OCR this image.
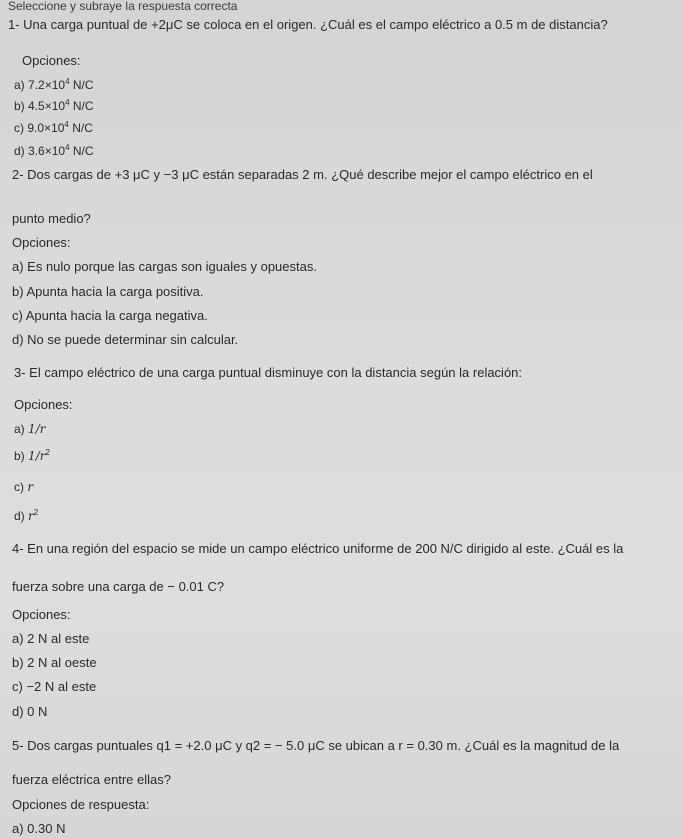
Seleccione y subraye la respuesta correcta
1- Una carga puntual de +2μC se coloca en el origen. ¿Cuál es el campo eléctrico a 0.5 m de distancia?
Opciones:
a) $7.2\times 10^4$ N/C
b) $4.5\times 10^4$ N/C
c) $9.0\times 10^4$ N/C
d) $3.6\times 10^4$ N/C
2- Dos cargas de +3 μC y −3 μC están separadas 2 m. ¿Qué describe mejor el campo eléctrico en el
punto medio?
Opciones:
a) Es nulo porque las cargas son iguales y opuestas.
b) Apunta hacia la carga positiva.
c) Apunta hacia la carga negativa.
d) No se puede determinar sin calcular.
3- El campo eléctrico de una carga puntual disminuye con la distancia según la relación:
Opciones:
a) 1/r
b) $1/r^2$
c) r
d) $r^2$
4- En una región del espacio se mide un campo eléctrico uniforme de 200 N/C dirigido al este. ¿Cuál es la
fuerza sobre una carga de − 0.01 C?
Opciones:
a) 2 N al este
b) 2 N al oeste
c) −2 N al este
d) 0 N
5- Dos cargas puntuales q1 = +2.0 μC y q2 = − 5.0 μC se ubican a r = 0.30 m. ¿Cuál es la magnitud de la
fuerza eléctrica entre ellas?
Opciones de respuesta:
a) 0.30 N
